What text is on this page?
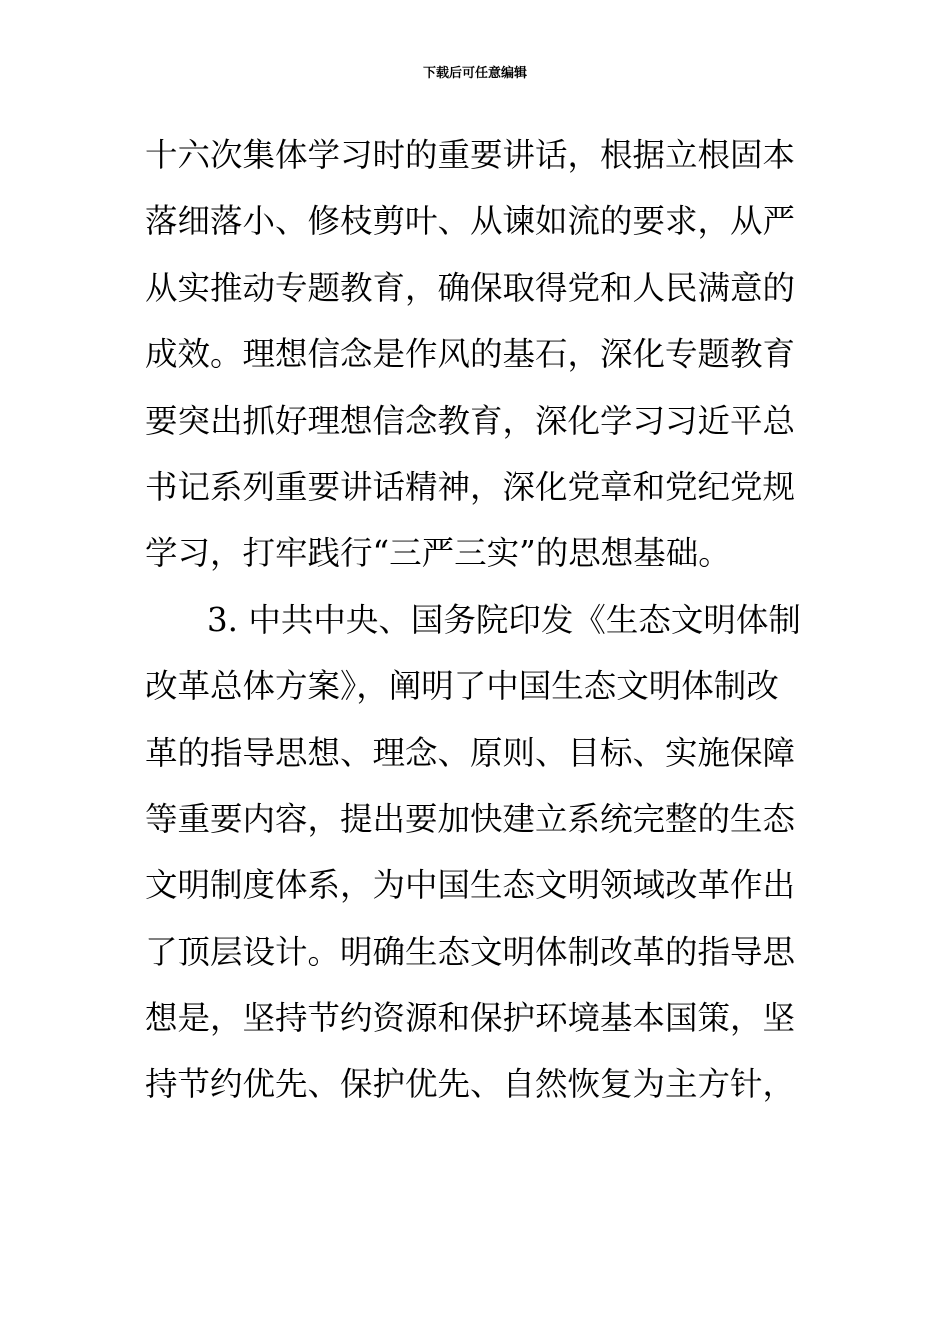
下载后可任意编辑
十六次集体学习时的重要讲话，根据立根固本
落细落小、修枝剪叶、从谏如流的要求，从严
从实推动专题教育，确保取得党和人民满意的
成效。理想信念是作风的基石，深化专题教育
要突出抓好理想信念教育，深化学习习近平总
书记系列重要讲话精神，深化党章和党纪党规
学习，打牢践行“三严三实”的思想基础。
3. 中共中央、国务院印发《生态文明体制
改革总体方案》，阐明了中国生态文明体制改
革的指导思想、理念、原则、目标、实施保障
等重要内容，提出要加快建立系统完整的生态
文明制度体系，为中国生态文明领域改革作出
了顶层设计。明确生态文明体制改革的指导思
想是，坚持节约资源和保护环境基本国策，坚
持节约优先、保护优先、自然恢复为主方针，
